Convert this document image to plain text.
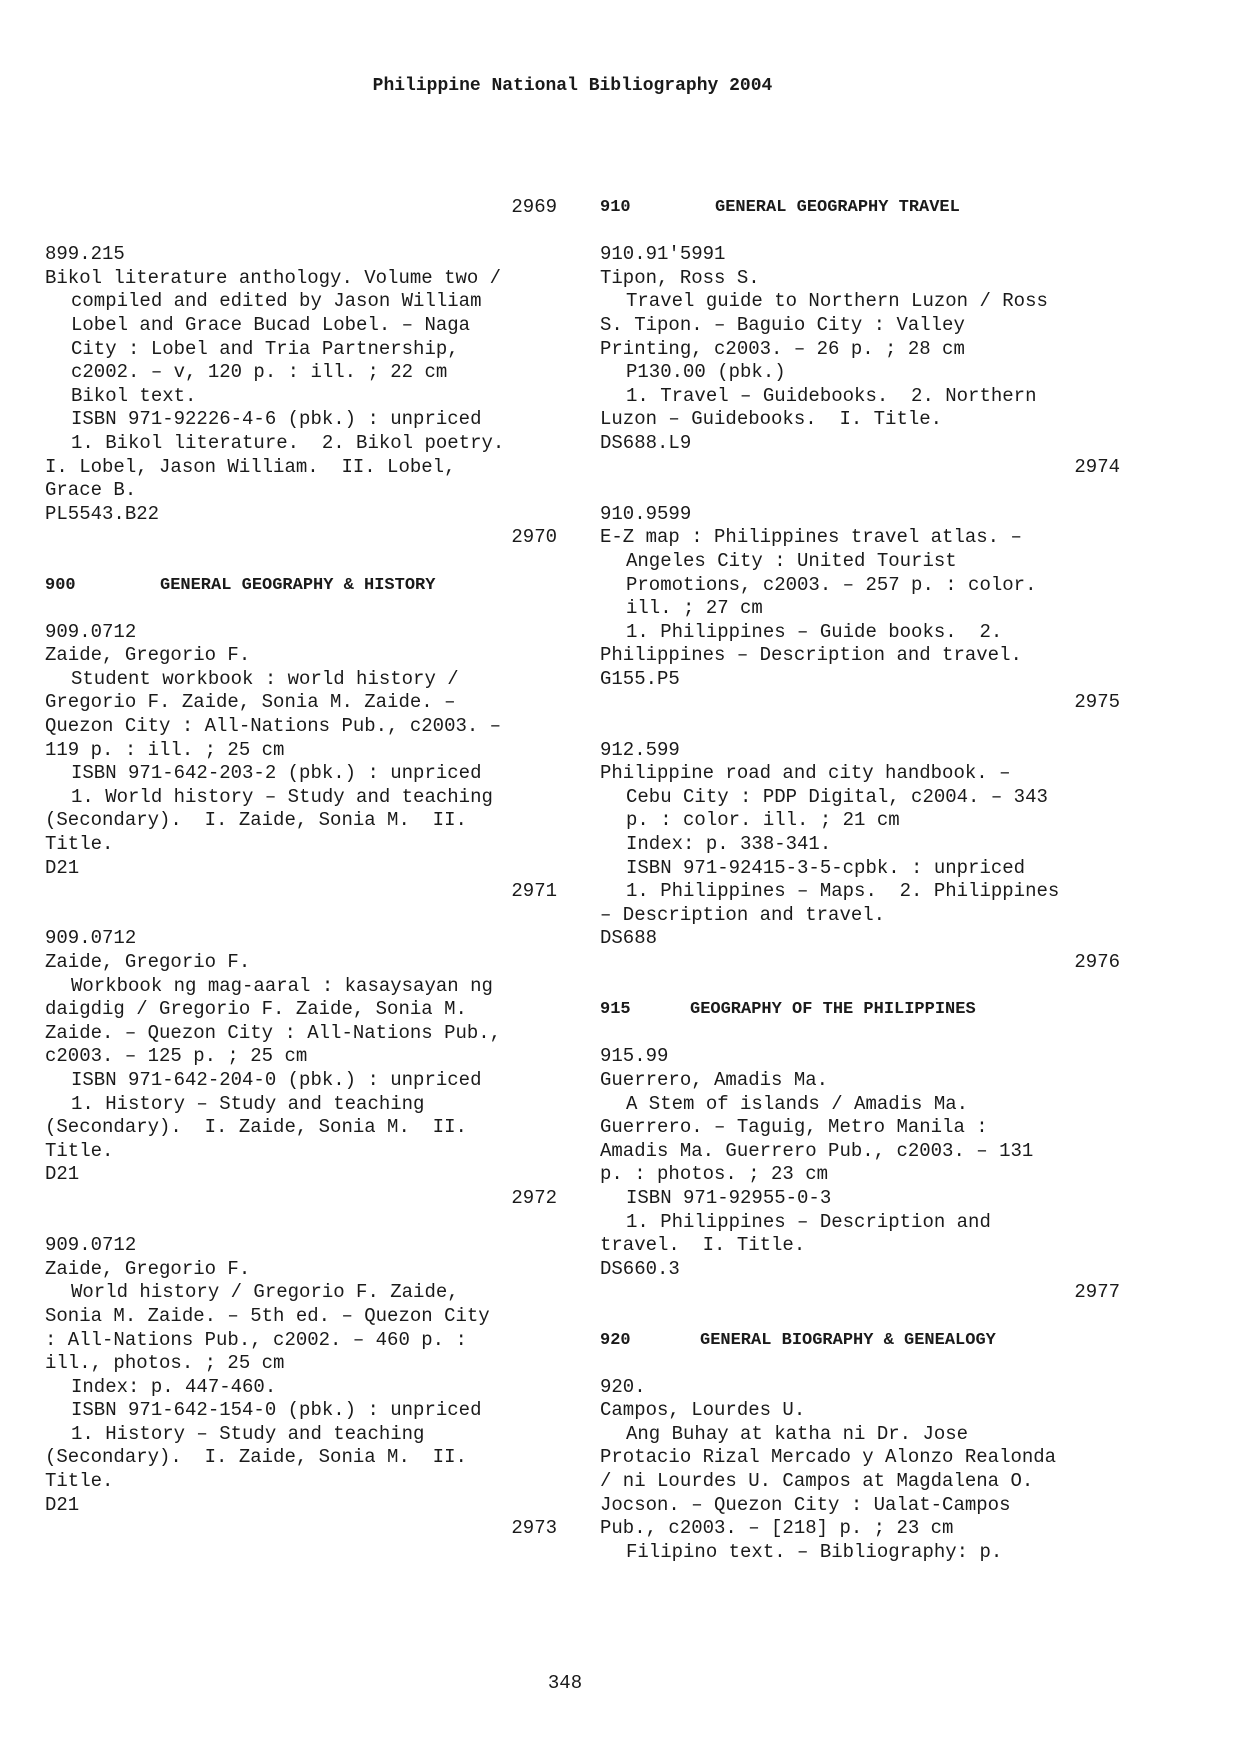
Philippine National Bibliography 2004
2969
899.215
Bikol literature anthology. Volume two /
compiled and edited by Jason William
Lobel and Grace Bucad Lobel. – Naga
City : Lobel and Tria Partnership,
c2002. – v, 120 p. : ill. ; 22 cm
Bikol text.
ISBN 971-92226-4-6 (pbk.) : unpriced
1. Bikol literature.  2. Bikol poetry.
I. Lobel, Jason William.  II. Lobel,
Grace B.
PL5543.B22
2970
900	GENERAL GEOGRAPHY & HISTORY
909.0712
Zaide, Gregorio F.
Student workbook : world history /
Gregorio F. Zaide, Sonia M. Zaide. –
Quezon City : All-Nations Pub., c2003. –
119 p. : ill. ; 25 cm
ISBN 971-642-203-2 (pbk.) : unpriced
1. World history – Study and teaching
(Secondary).  I. Zaide, Sonia M.  II.
Title.
D21
2971
909.0712
Zaide, Gregorio F.
Workbook ng mag-aaral : kasaysayan ng
daigdig / Gregorio F. Zaide, Sonia M.
Zaide. – Quezon City : All-Nations Pub.,
c2003. – 125 p. ; 25 cm
ISBN 971-642-204-0 (pbk.) : unpriced
1. History – Study and teaching
(Secondary).  I. Zaide, Sonia M.  II.
Title.
D21
2972
909.0712
Zaide, Gregorio F.
World history / Gregorio F. Zaide,
Sonia M. Zaide. – 5th ed. – Quezon City
: All-Nations Pub., c2002. – 460 p. :
ill., photos. ; 25 cm
Index: p. 447-460.
ISBN 971-642-154-0 (pbk.) : unpriced
1. History – Study and teaching
(Secondary).  I. Zaide, Sonia M.  II.
Title.
D21
2973
910	GENERAL GEOGRAPHY TRAVEL
910.91'5991
Tipon, Ross S.
Travel guide to Northern Luzon / Ross
S. Tipon. – Baguio City : Valley
Printing, c2003. – 26 p. ; 28 cm
P130.00 (pbk.)
1. Travel – Guidebooks.  2. Northern
Luzon – Guidebooks.  I. Title.
DS688.L9
2974
910.9599
E-Z map : Philippines travel atlas. –
Angeles City : United Tourist
Promotions, c2003. – 257 p. : color.
ill. ; 27 cm
1. Philippines – Guide books.  2.
Philippines – Description and travel.
G155.P5
2975
912.599
Philippine road and city handbook. –
Cebu City : PDP Digital, c2004. – 343
p. : color. ill. ; 21 cm
Index: p. 338-341.
ISBN 971-92415-3-5-cpbk. : unpriced
1. Philippines – Maps.  2. Philippines
– Description and travel.
DS688
2976
915	GEOGRAPHY OF THE PHILIPPINES
915.99
Guerrero, Amadis Ma.
A Stem of islands / Amadis Ma.
Guerrero. – Taguig, Metro Manila :
Amadis Ma. Guerrero Pub., c2003. – 131
p. : photos. ; 23 cm
ISBN 971-92955-0-3
1. Philippines – Description and
travel.  I. Title.
DS660.3
2977
920	GENERAL BIOGRAPHY & GENEALOGY
920.
Campos, Lourdes U.
Ang Buhay at katha ni Dr. Jose
Protacio Rizal Mercado y Alonzo Realonda
/ ni Lourdes U. Campos at Magdalena O.
Jocson. – Quezon City : Ualat-Campos
Pub., c2003. – [218] p. ; 23 cm
Filipino text. – Bibliography: p.
348
